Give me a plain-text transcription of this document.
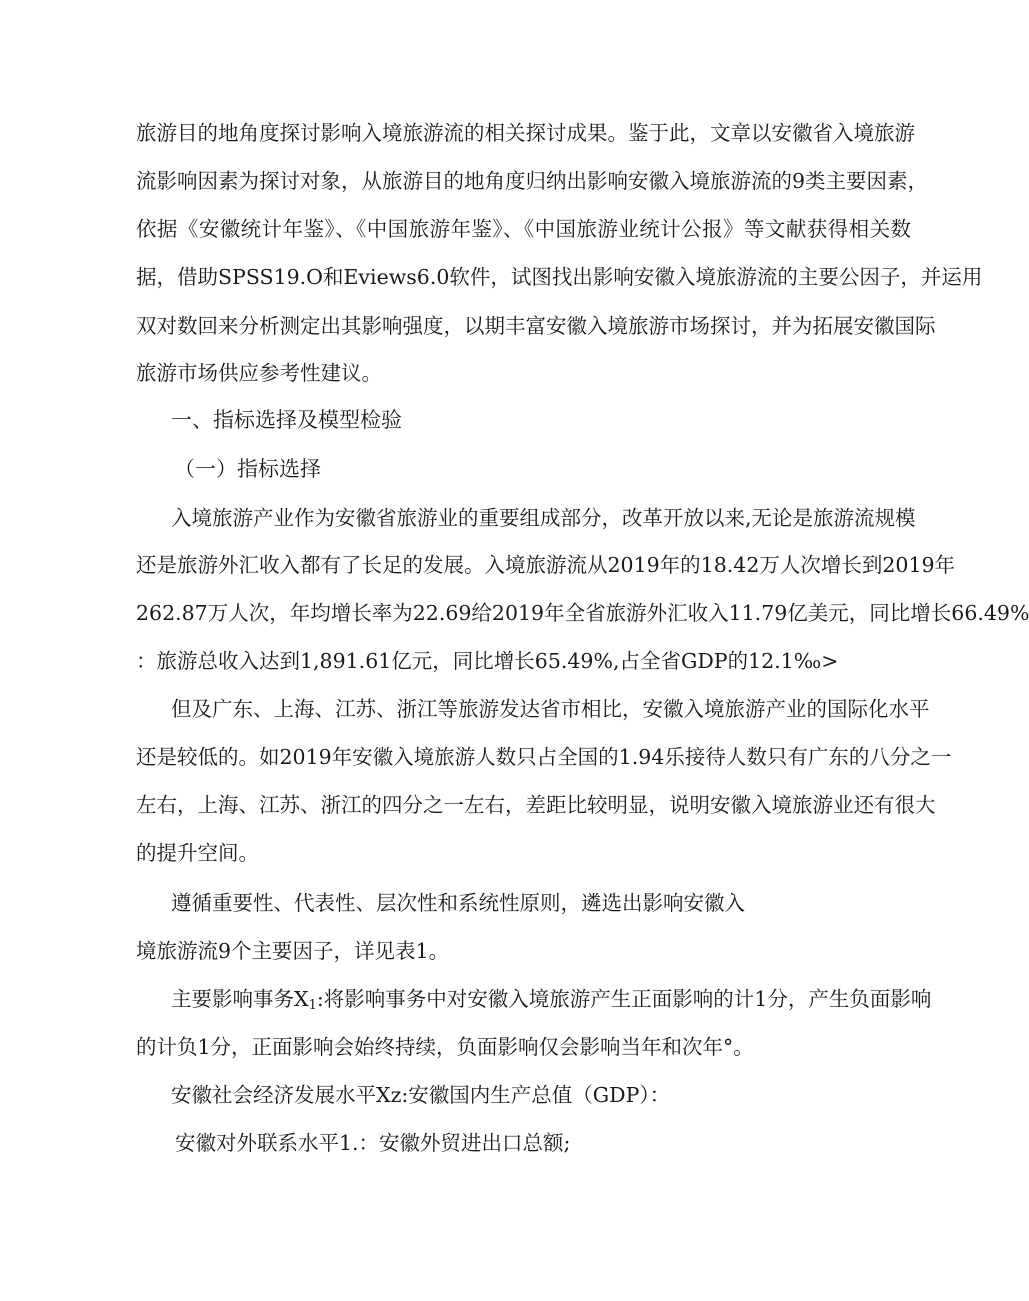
旅游目的地角度探讨影响入境旅游流的相关探讨成果。鉴于此，文章以安徽省入境旅游
流影响因素为探讨对象，从旅游目的地角度归纳出影响安徽入境旅游流的9类主要因素，
依据《安徽统计年鉴》、《中国旅游年鉴》、《中国旅游业统计公报》等文献获得相关数
据，借助SPSS19.O和Eviews6.0软件，试图找出影响安徽入境旅游流的主要公因子，并运用
双对数回来分析测定出其影响强度，以期丰富安徽入境旅游市场探讨，并为拓展安徽国际
旅游市场供应参考性建议。
一、指标选择及模型检验
（一）指标选择
入境旅游产业作为安徽省旅游业的重要组成部分，改革开放以来,无论是旅游流规模
还是旅游外汇收入都有了长足的发展。入境旅游流从2019年的18.42万人次增长到2019年
262.87万人次，年均增长率为22.69给2019年全省旅游外汇收入11.79亿美元，同比增长66.49%
：旅游总收入达到1,891.61亿元，同比增长65.49%,占全省GDP的12.1‰>
但及广东、上海、江苏、浙江等旅游发达省市相比，安徽入境旅游产业的国际化水平
还是较低的。如2019年安徽入境旅游人数只占全国的1.94乐接待人数只有广东的八分之一
左右，上海、江苏、浙江的四分之一左右，差距比较明显，说明安徽入境旅游业还有很大
的提升空间。
遵循重要性、代表性、层次性和系统性原则，遴选出影响安徽入
境旅游流9个主要因子，详见表1。
主要影响事务$X_1$:将影响事务中对安徽入境旅游产生正面影响的计1分，产生负面影响
的计负1分，正面影响会始终持续，负面影响仅会影响当年和次年°。
安徽社会经济发展水平Xz:安徽国内生产总值（GDP）：
安徽对外联系水平1.：安徽外贸进出口总额;
